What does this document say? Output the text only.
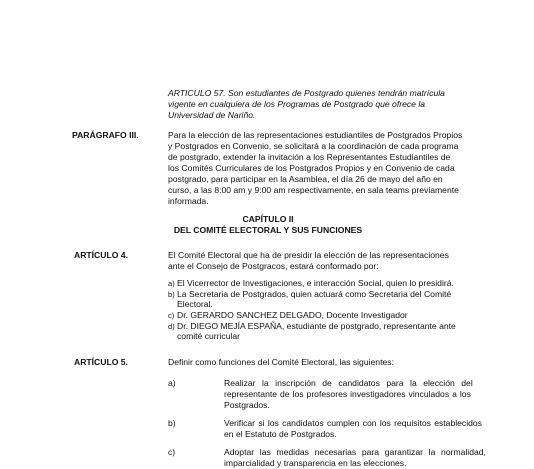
ARTICULO 57. Son estudiantes de Postgrado quienes tendrán matrícula
vigente en cualquiera de los Programas de Postgrado que ofrece la
Universidad de Nariño.
PARÁGRAFO III.	Para la elección de las representaciones estudiantiles de Postgrados Propios
y Postgrados en Convenio, se solicitará a la coordinación de cada programa
de postgrado, extender la invitación a los Representantes Estudiantiles de
los Comités Curriculares de los Postgrados Propios y en Convenio de cada
postgrado, para participar en la Asamblea, el día 26 de mayo del año en
curso, a las 8:00 am y 9:00 am respectivamente, en sala teams previamente
informada.
CAPÍTULO II
DEL COMITÉ ELECTORAL Y SUS FUNCIONES
ARTÍCULO 4.	El Comité Electoral que ha de presidir la elección de las representaciones
ante el Consejo de Postgracos, estará conformado por:
a) El Vicerrector de Investigaciones, e interacción Social, quien lo presidirá.
b) La Secretaria de Postgrados, quien actuará como Secretaria del Comité
Electoral.
c) Dr. GERARDO SANCHEZ DELGADO, Docente Investigador
d) Dr. DIEGO MEJÍA ESPAÑA, estudiante de postgrado, representante ante
comité curricular
ARTÍCULO 5.	Definir como funciones del Comité Electoral, las siguientes:
a)	Realizar la inscripción de candidatos para la elección del
representante de los profesores investigadores vinculados a los
Postgrados.
b)	Verificar si los candidatos cumplen con los requisitos establecidos
en el Estatuto de Postgrados.
c)	Adoptar las medidas necesarias para garantizar la normalidad,
imparcialidad y transparencia en las elecciones.
